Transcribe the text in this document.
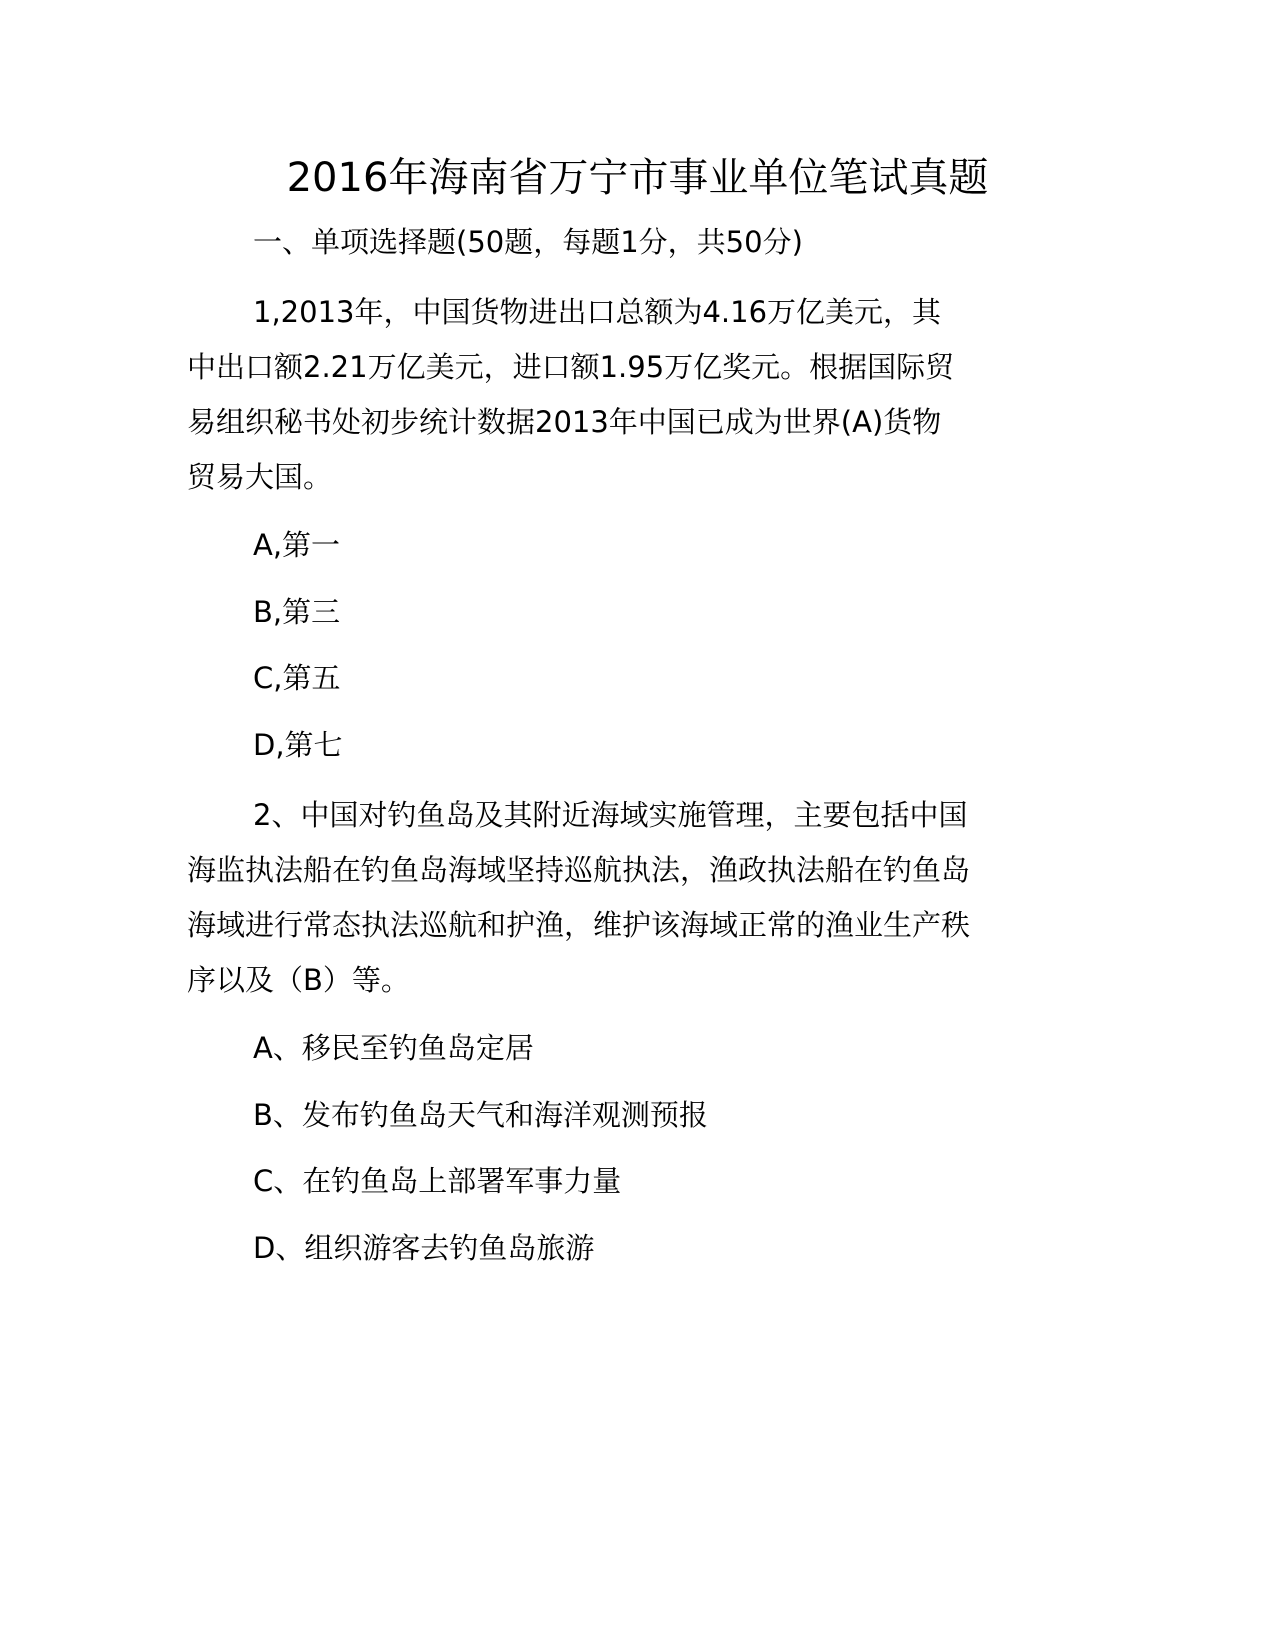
2016年海南省万宁市事业单位笔试真题
一、单项选择题(50题，每题1分，共50分)
1,2013年，中国货物进出口总额为4.16万亿美元，其
中出口额2.21万亿美元，进口额1.95万亿奖元。根据国际贸
易组织秘书处初步统计数据2013年中国已成为世界(A)货物
贸易大国。
A,第一
B,第三
C,第五
D,第七
2、中国对钓鱼岛及其附近海域实施管理，主要包括中国
海监执法船在钓鱼岛海域坚持巡航执法，渔政执法船在钓鱼岛
海域进行常态执法巡航和护渔，维护该海域正常的渔业生产秩
序以及（B）等。
A、移民至钓鱼岛定居
B、发布钓鱼岛天气和海洋观测预报
C、在钓鱼岛上部署军事力量
D、组织游客去钓鱼岛旅游
